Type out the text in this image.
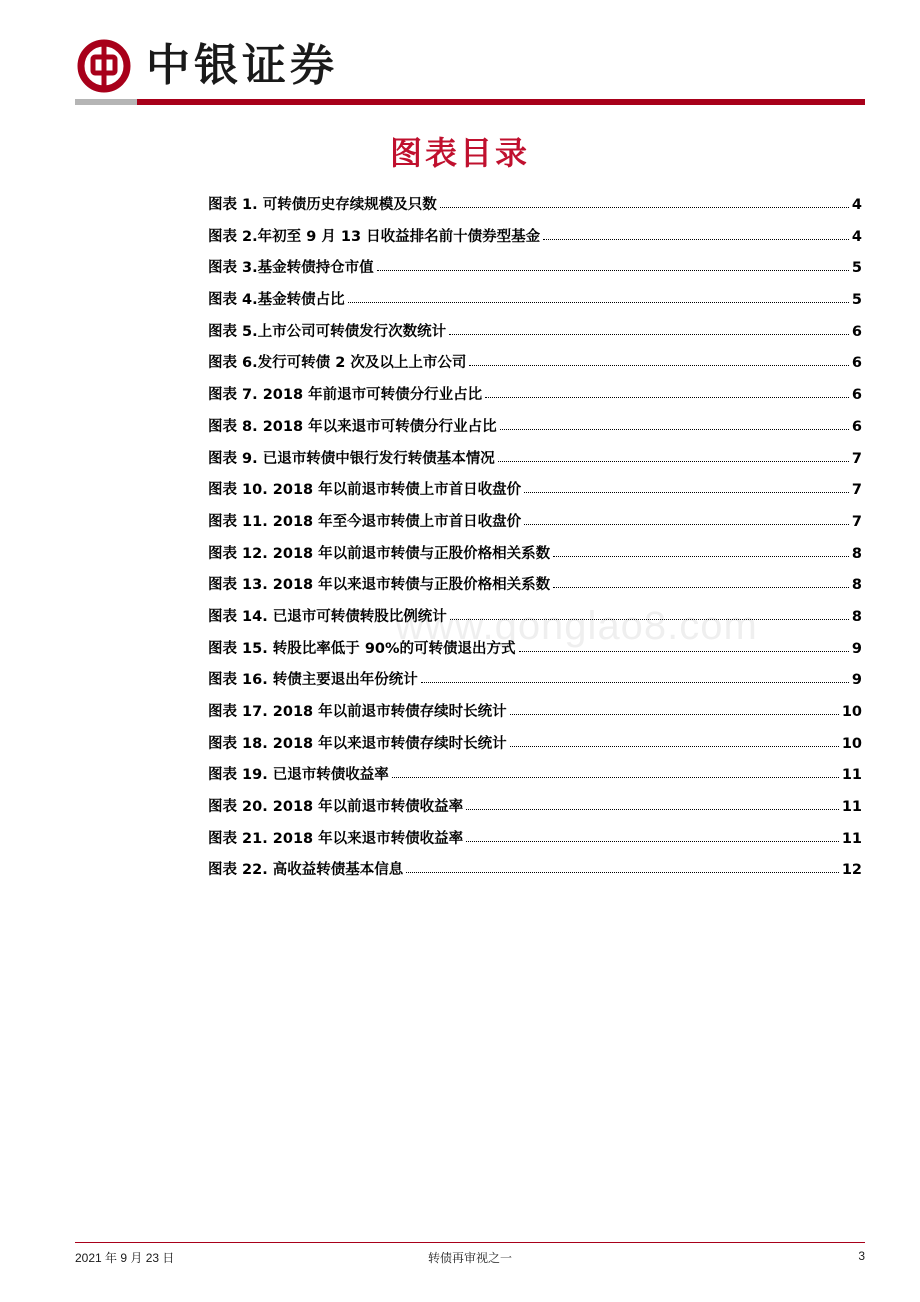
中银证券
图表目录
图表 1. 可转债历史存续规模及只数	4
图表 2.年初至 9 月 13 日收益排名前十债券型基金	4
图表 3.基金转债持仓市值	5
图表 4.基金转债占比	5
图表 5.上市公司可转债发行次数统计	6
图表 6.发行可转债 2 次及以上上市公司	6
图表 7. 2018 年前退市可转债分行业占比	6
图表 8. 2018 年以来退市可转债分行业占比	6
图表 9. 已退市转债中银行发行转债基本情况	7
图表 10. 2018 年以前退市转债上市首日收盘价	7
图表 11. 2018 年至今退市转债上市首日收盘价	7
图表 12. 2018 年以前退市转债与正股价格相关系数	8
图表 13. 2018 年以来退市转债与正股价格相关系数	8
图表 14. 已退市可转债转股比例统计	8
图表 15. 转股比率低于 90%的可转债退出方式	9
图表 16. 转债主要退出年份统计	9
图表 17. 2018 年以前退市转债存续时长统计	10
图表 18. 2018 年以来退市转债存续时长统计	10
图表 19. 已退市转债收益率	11
图表 20. 2018 年以前退市转债收益率	11
图表 21. 2018 年以来退市转债收益率	11
图表 22. 高收益转债基本信息	12
www.gonglao8.com
2021 年 9 月 23 日	转债再审视之一	3
